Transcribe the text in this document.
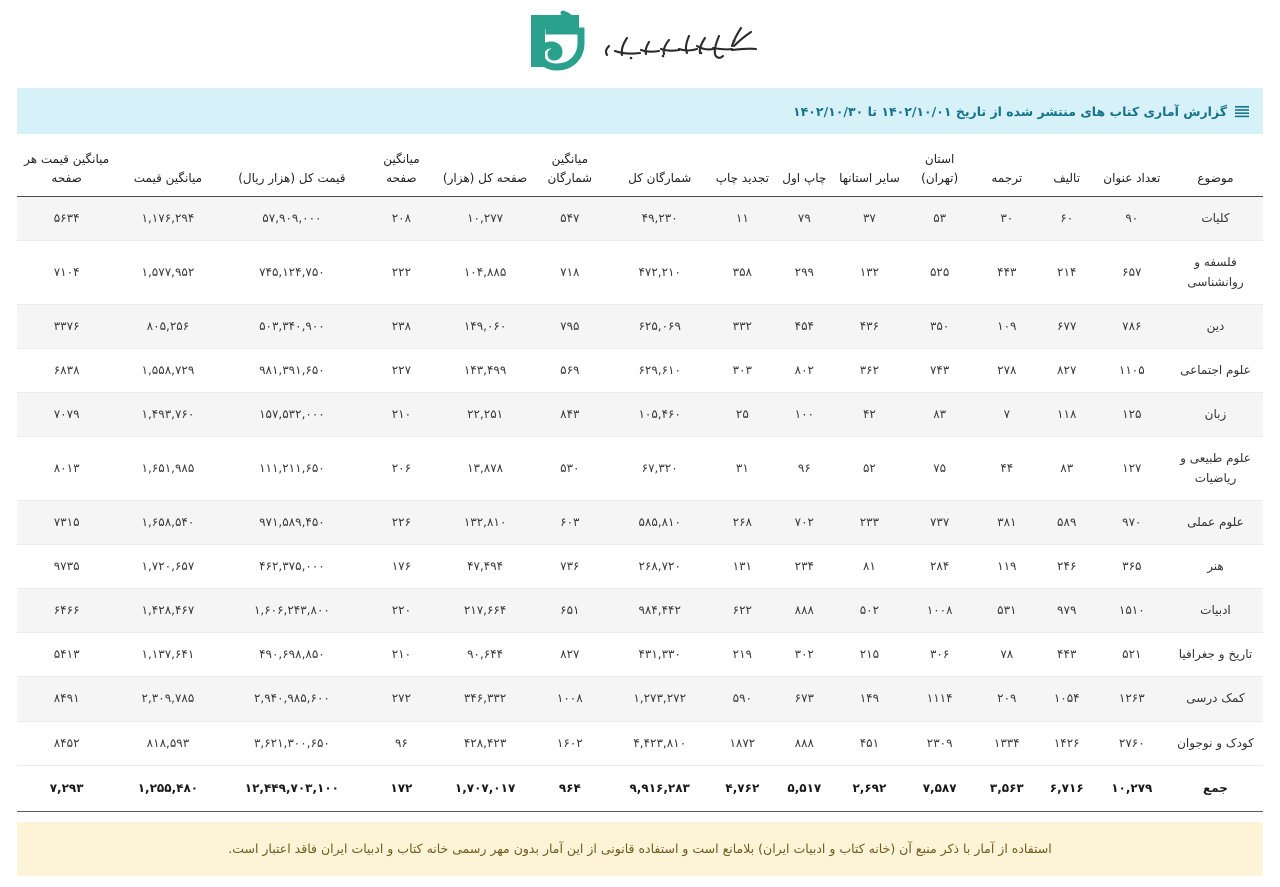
گزارش آماری کتاب های منتشر شده از تاریخ ۱۴۰۲/۱۰/۰۱ تا ۱۴۰۲/۱۰/۳۰
موضوع	تعداد عنوان	تالیف	ترجمه	استان (تهران)	سایر استانها	چاپ اول	تجدید چاپ	شمارگان کل	میانگین شمارگان	صفحه کل (هزار)	میانگین صفحه	قیمت کل (هزار ریال)	میانگین قیمت	میانگین قیمت هر صفحه
کلیات	۹۰	۶۰	۳۰	۵۳	۳۷	۷۹	۱۱	۴۹,۲۳۰	۵۴۷	۱۰,۲۷۷	۲۰۸	۵۷,۹۰۹,۰۰۰	۱,۱۷۶,۲۹۴	۵۶۳۴
فلسفه و روانشناسی	۶۵۷	۲۱۴	۴۴۳	۵۲۵	۱۳۲	۲۹۹	۳۵۸	۴۷۲,۲۱۰	۷۱۸	۱۰۴,۸۸۵	۲۲۲	۷۴۵,۱۲۴,۷۵۰	۱,۵۷۷,۹۵۲	۷۱۰۴
دین	۷۸۶	۶۷۷	۱۰۹	۳۵۰	۴۳۶	۴۵۴	۳۳۲	۶۲۵,۰۶۹	۷۹۵	۱۴۹,۰۶۰	۲۳۸	۵۰۳,۳۴۰,۹۰۰	۸۰۵,۲۵۶	۳۳۷۶
علوم اجتماعی	۱۱۰۵	۸۲۷	۲۷۸	۷۴۳	۳۶۲	۸۰۲	۳۰۳	۶۲۹,۶۱۰	۵۶۹	۱۴۳,۴۹۹	۲۲۷	۹۸۱,۳۹۱,۶۵۰	۱,۵۵۸,۷۲۹	۶۸۳۸
زبان	۱۲۵	۱۱۸	۷	۸۳	۴۲	۱۰۰	۲۵	۱۰۵,۴۶۰	۸۴۳	۲۲,۲۵۱	۲۱۰	۱۵۷,۵۳۲,۰۰۰	۱,۴۹۳,۷۶۰	۷۰۷۹
علوم طبیعی و ریاضیات	۱۲۷	۸۳	۴۴	۷۵	۵۲	۹۶	۳۱	۶۷,۳۲۰	۵۳۰	۱۳,۸۷۸	۲۰۶	۱۱۱,۲۱۱,۶۵۰	۱,۶۵۱,۹۸۵	۸۰۱۳
علوم عملی	۹۷۰	۵۸۹	۳۸۱	۷۳۷	۲۳۳	۷۰۲	۲۶۸	۵۸۵,۸۱۰	۶۰۳	۱۳۲,۸۱۰	۲۲۶	۹۷۱,۵۸۹,۴۵۰	۱,۶۵۸,۵۴۰	۷۳۱۵
هنر	۳۶۵	۲۴۶	۱۱۹	۲۸۴	۸۱	۲۳۴	۱۳۱	۲۶۸,۷۲۰	۷۳۶	۴۷,۴۹۴	۱۷۶	۴۶۲,۳۷۵,۰۰۰	۱,۷۲۰,۶۵۷	۹۷۳۵
ادبیات	۱۵۱۰	۹۷۹	۵۳۱	۱۰۰۸	۵۰۲	۸۸۸	۶۲۲	۹۸۴,۴۴۲	۶۵۱	۲۱۷,۶۶۴	۲۲۰	۱,۶۰۶,۲۴۳,۸۰۰	۱,۴۲۸,۴۶۷	۶۴۶۶
تاریخ و جغرافیا	۵۲۱	۴۴۳	۷۸	۳۰۶	۲۱۵	۳۰۲	۲۱۹	۴۳۱,۳۳۰	۸۲۷	۹۰,۶۴۴	۲۱۰	۴۹۰,۶۹۸,۸۵۰	۱,۱۳۷,۶۴۱	۵۴۱۳
کمک درسی	۱۲۶۳	۱۰۵۴	۲۰۹	۱۱۱۴	۱۴۹	۶۷۳	۵۹۰	۱,۲۷۳,۲۷۲	۱۰۰۸	۳۴۶,۳۳۲	۲۷۲	۲,۹۴۰,۹۸۵,۶۰۰	۲,۳۰۹,۷۸۵	۸۴۹۱
کودک و نوجوان	۲۷۶۰	۱۴۲۶	۱۳۳۴	۲۳۰۹	۴۵۱	۸۸۸	۱۸۷۲	۴,۴۲۳,۸۱۰	۱۶۰۲	۴۲۸,۴۲۳	۹۶	۳,۶۲۱,۳۰۰,۶۵۰	۸۱۸,۵۹۳	۸۴۵۲
جمع	۱۰,۲۷۹	۶,۷۱۶	۳,۵۶۳	۷,۵۸۷	۲,۶۹۲	۵,۵۱۷	۴,۷۶۲	۹,۹۱۶,۲۸۳	۹۶۴	۱,۷۰۷,۰۱۷	۱۷۲	۱۲,۴۴۹,۷۰۳,۱۰۰	۱,۲۵۵,۴۸۰	۷,۲۹۳
استفاده از آمار با ذکر منبع آن (خانه کتاب و ادبیات ایران) بلامانع است و استفاده قانونی از این آمار بدون مهر رسمی خانه کتاب و ادبیات ایران فاقد اعتبار است.
